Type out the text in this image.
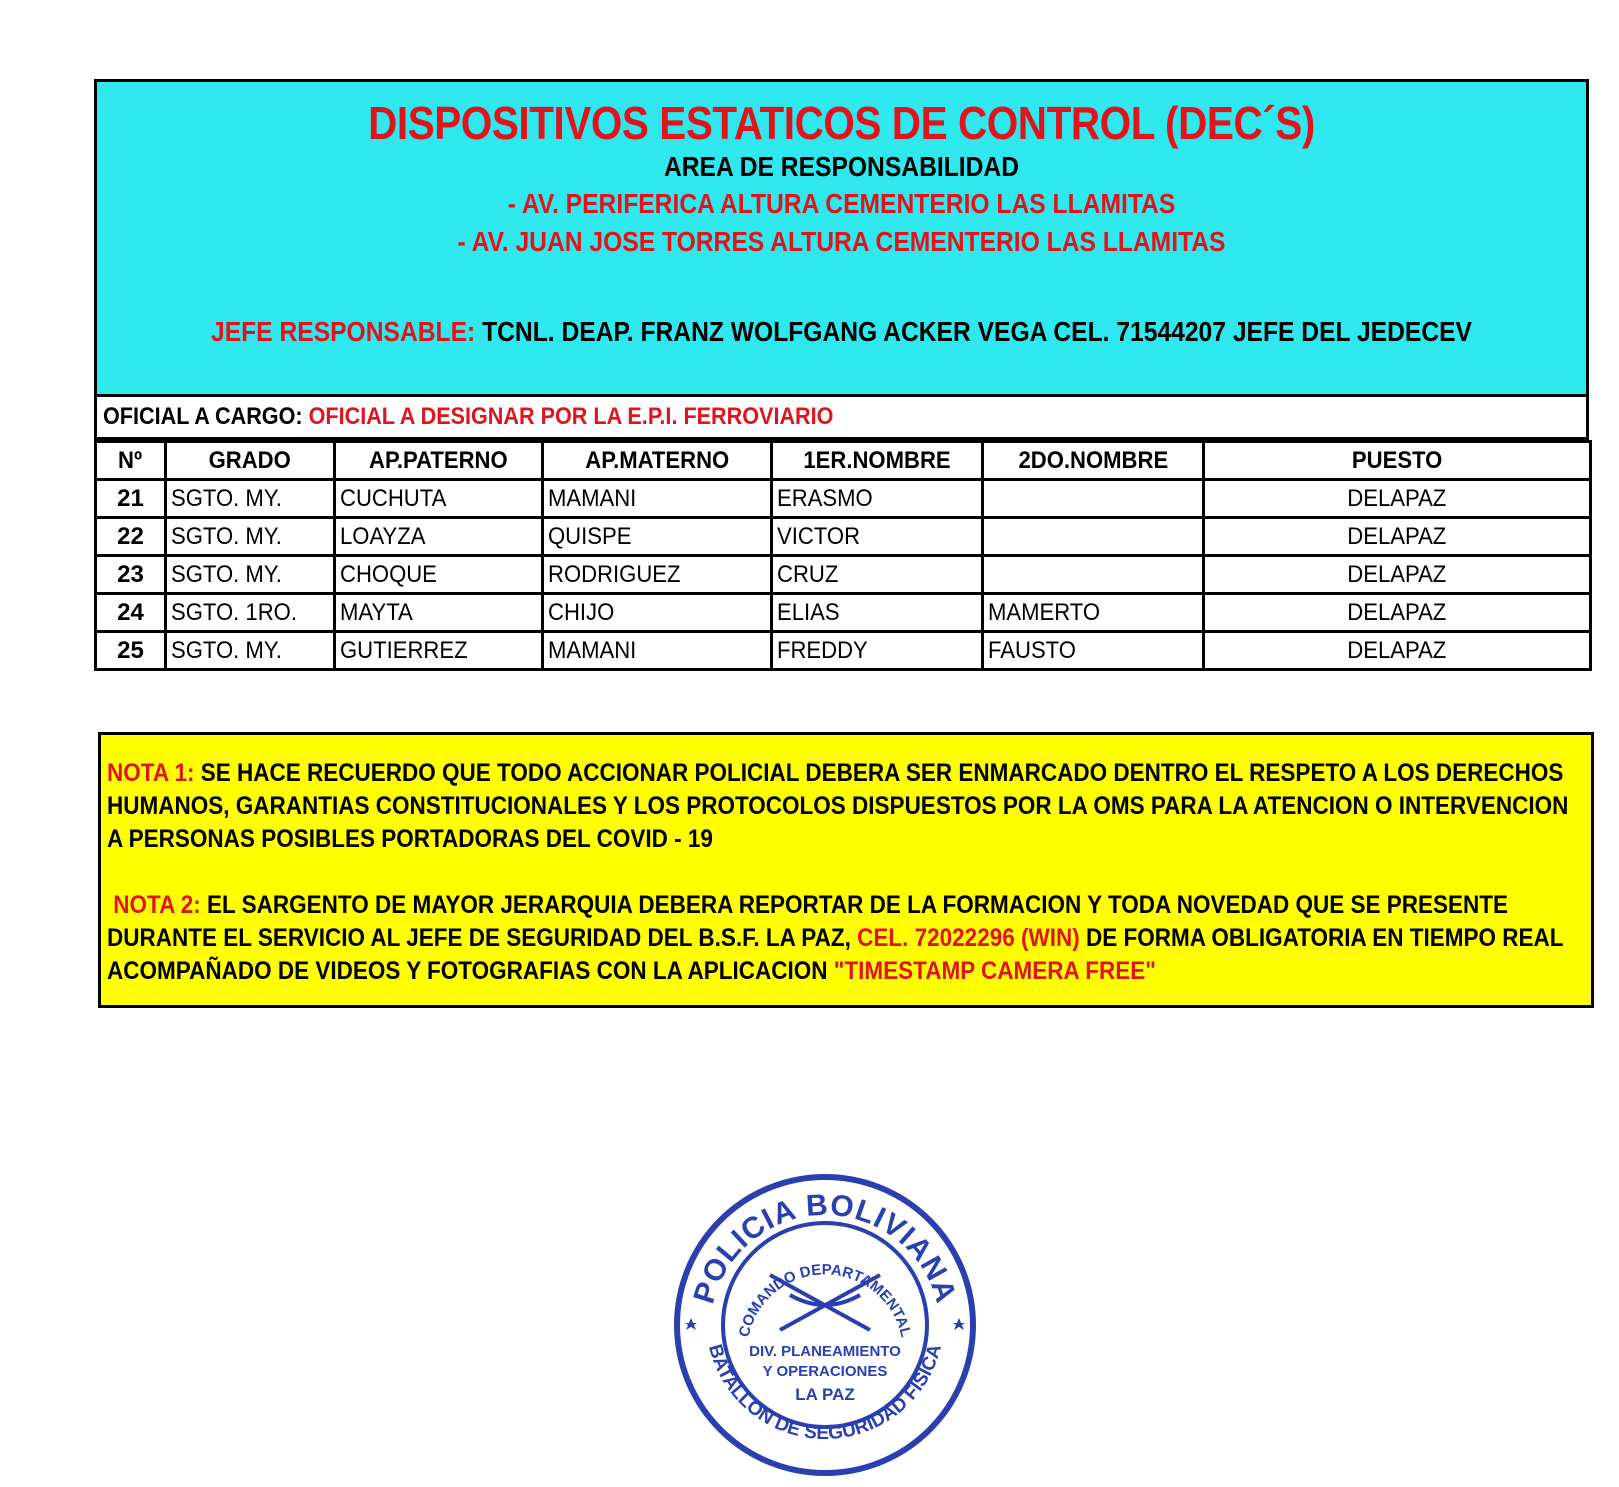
DISPOSITIVOS ESTATICOS DE CONTROL (DEC´S)
AREA DE RESPONSABILIDAD
- AV. PERIFERICA ALTURA CEMENTERIO LAS LLAMITAS
- AV. JUAN JOSE TORRES ALTURA CEMENTERIO LAS LLAMITAS
JEFE RESPONSABLE: TCNL. DEAP. FRANZ WOLFGANG ACKER VEGA CEL. 71544207 JEFE DEL JEDECEV
OFICIAL A CARGO: OFICIAL A DESIGNAR POR LA E.P.I. FERROVIARIO
Nº	GRADO	AP.PATERNO	AP.MATERNO	1ER.NOMBRE	2DO.NOMBRE	PUESTO
21	SGTO. MY.	CUCHUTA	MAMANI	ERASMO		DELAPAZ
22	SGTO. MY.	LOAYZA	QUISPE	VICTOR		DELAPAZ
23	SGTO. MY.	CHOQUE	RODRIGUEZ	CRUZ		DELAPAZ
24	SGTO. 1RO.	MAYTA	CHIJO	ELIAS	MAMERTO	DELAPAZ
25	SGTO. MY.	GUTIERREZ	MAMANI	FREDDY	FAUSTO	DELAPAZ

NOTA 1: SE HACE RECUERDO QUE TODO ACCIONAR POLICIAL DEBERA SER ENMARCADO DENTRO EL RESPETO A LOS DERECHOS HUMANOS, GARANTIAS CONSTITUCIONALES Y LOS PROTOCOLOS DISPUESTOS POR LA OMS PARA LA ATENCION O INTERVENCION A PERSONAS POSIBLES PORTADORAS DEL COVID - 19

NOTA 2: EL SARGENTO DE MAYOR JERARQUIA DEBERA REPORTAR DE LA FORMACION Y TODA NOVEDAD QUE SE PRESENTE DURANTE EL SERVICIO AL JEFE DE SEGURIDAD DEL B.S.F. LA PAZ, CEL. 72022296 (WIN) DE FORMA OBLIGATORIA EN TIEMPO REAL ACOMPAÑADO DE VIDEOS Y FOTOGRAFIAS CON LA APLICACION "TIMESTAMP CAMERA FREE"

POLICIA BOLIVIANA
BATALLON DE SEGURIDAD FISICA
COMANDO DEPARTAMENTAL
DIV. PLANEAMIENTO
Y OPERACIONES
LA PAZ
